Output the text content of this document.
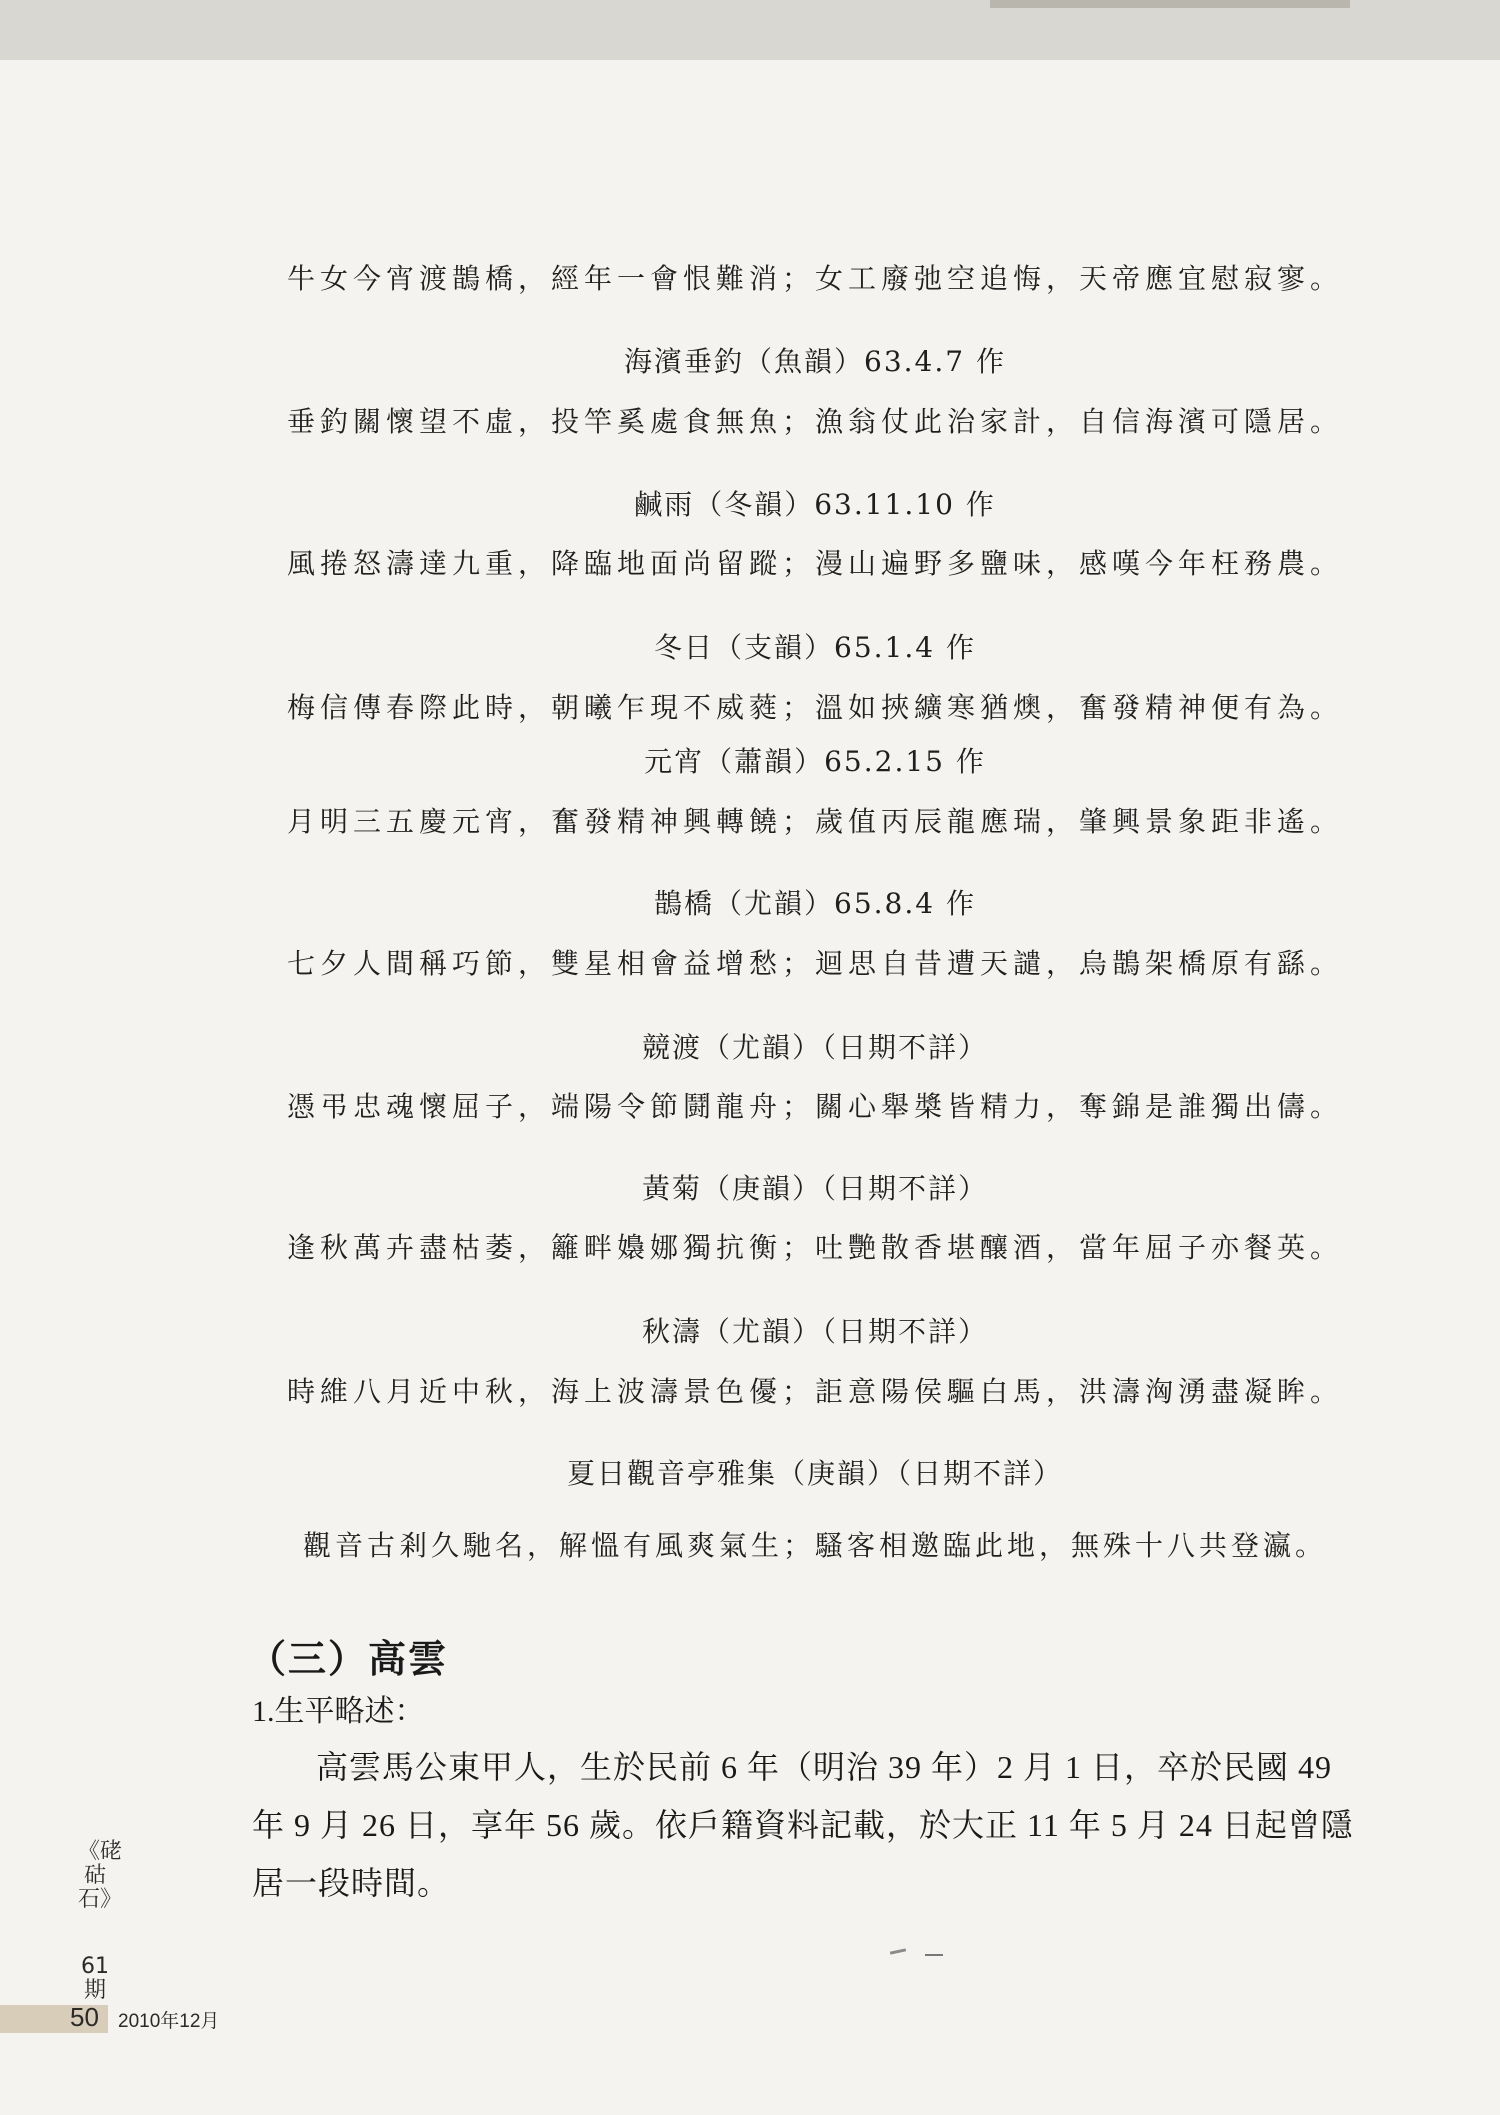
牛女今宵渡鵲橋，經年一會恨難消；女工廢弛空追悔，天帝應宜慰寂寥。
海濱垂釣（魚韻）63.4.7 作
垂釣關懷望不虛，投竿奚處食無魚；漁翁仗此治家計，自信海濱可隱居。
鹹雨（冬韻）63.11.10 作
風捲怒濤達九重，降臨地面尚留蹤；漫山遍野多鹽味，感嘆今年枉務農。
冬日（支韻）65.1.4 作
梅信傳春際此時，朝曦乍現不威蕤；溫如挾纊寒猶燠，奮發精神便有為。
元宵（蕭韻）65.2.15 作
月明三五慶元宵，奮發精神興轉饒；歲值丙辰龍應瑞，肇興景象距非遙。
鵲橋（尤韻）65.8.4 作
七夕人間稱巧節，雙星相會益增愁；迴思自昔遭天譴，烏鵲架橋原有繇。
競渡（尤韻）（日期不詳）
憑弔忠魂懷屈子，端陽令節鬪龍舟；關心舉槳皆精力，奪錦是誰獨出儔。
黃菊（庚韻）（日期不詳）
逢秋萬卉盡枯萎，籬畔嬝娜獨抗衡；吐艷散香堪釀酒，當年屈子亦餐英。
秋濤（尤韻）（日期不詳）
時維八月近中秋，海上波濤景色優；詎意陽侯驅白馬，洪濤洶湧盡凝眸。
夏日觀音亭雅集（庚韻）（日期不詳）
觀音古剎久馳名，解慍有風爽氣生；騷客相邀臨此地，無殊十八共登瀛。
（三）高雲
1.生平略述：
高雲馬公東甲人，生於民前 6 年（明治 39 年）2 月 1 日，卒於民國 49 年 9 月 26 日，享年 56 歲。依戶籍資料記載，於大正 11 年 5 月 24 日起曾隱居一段時間。
《硓𥑮石》
61期
50 2010年12月
